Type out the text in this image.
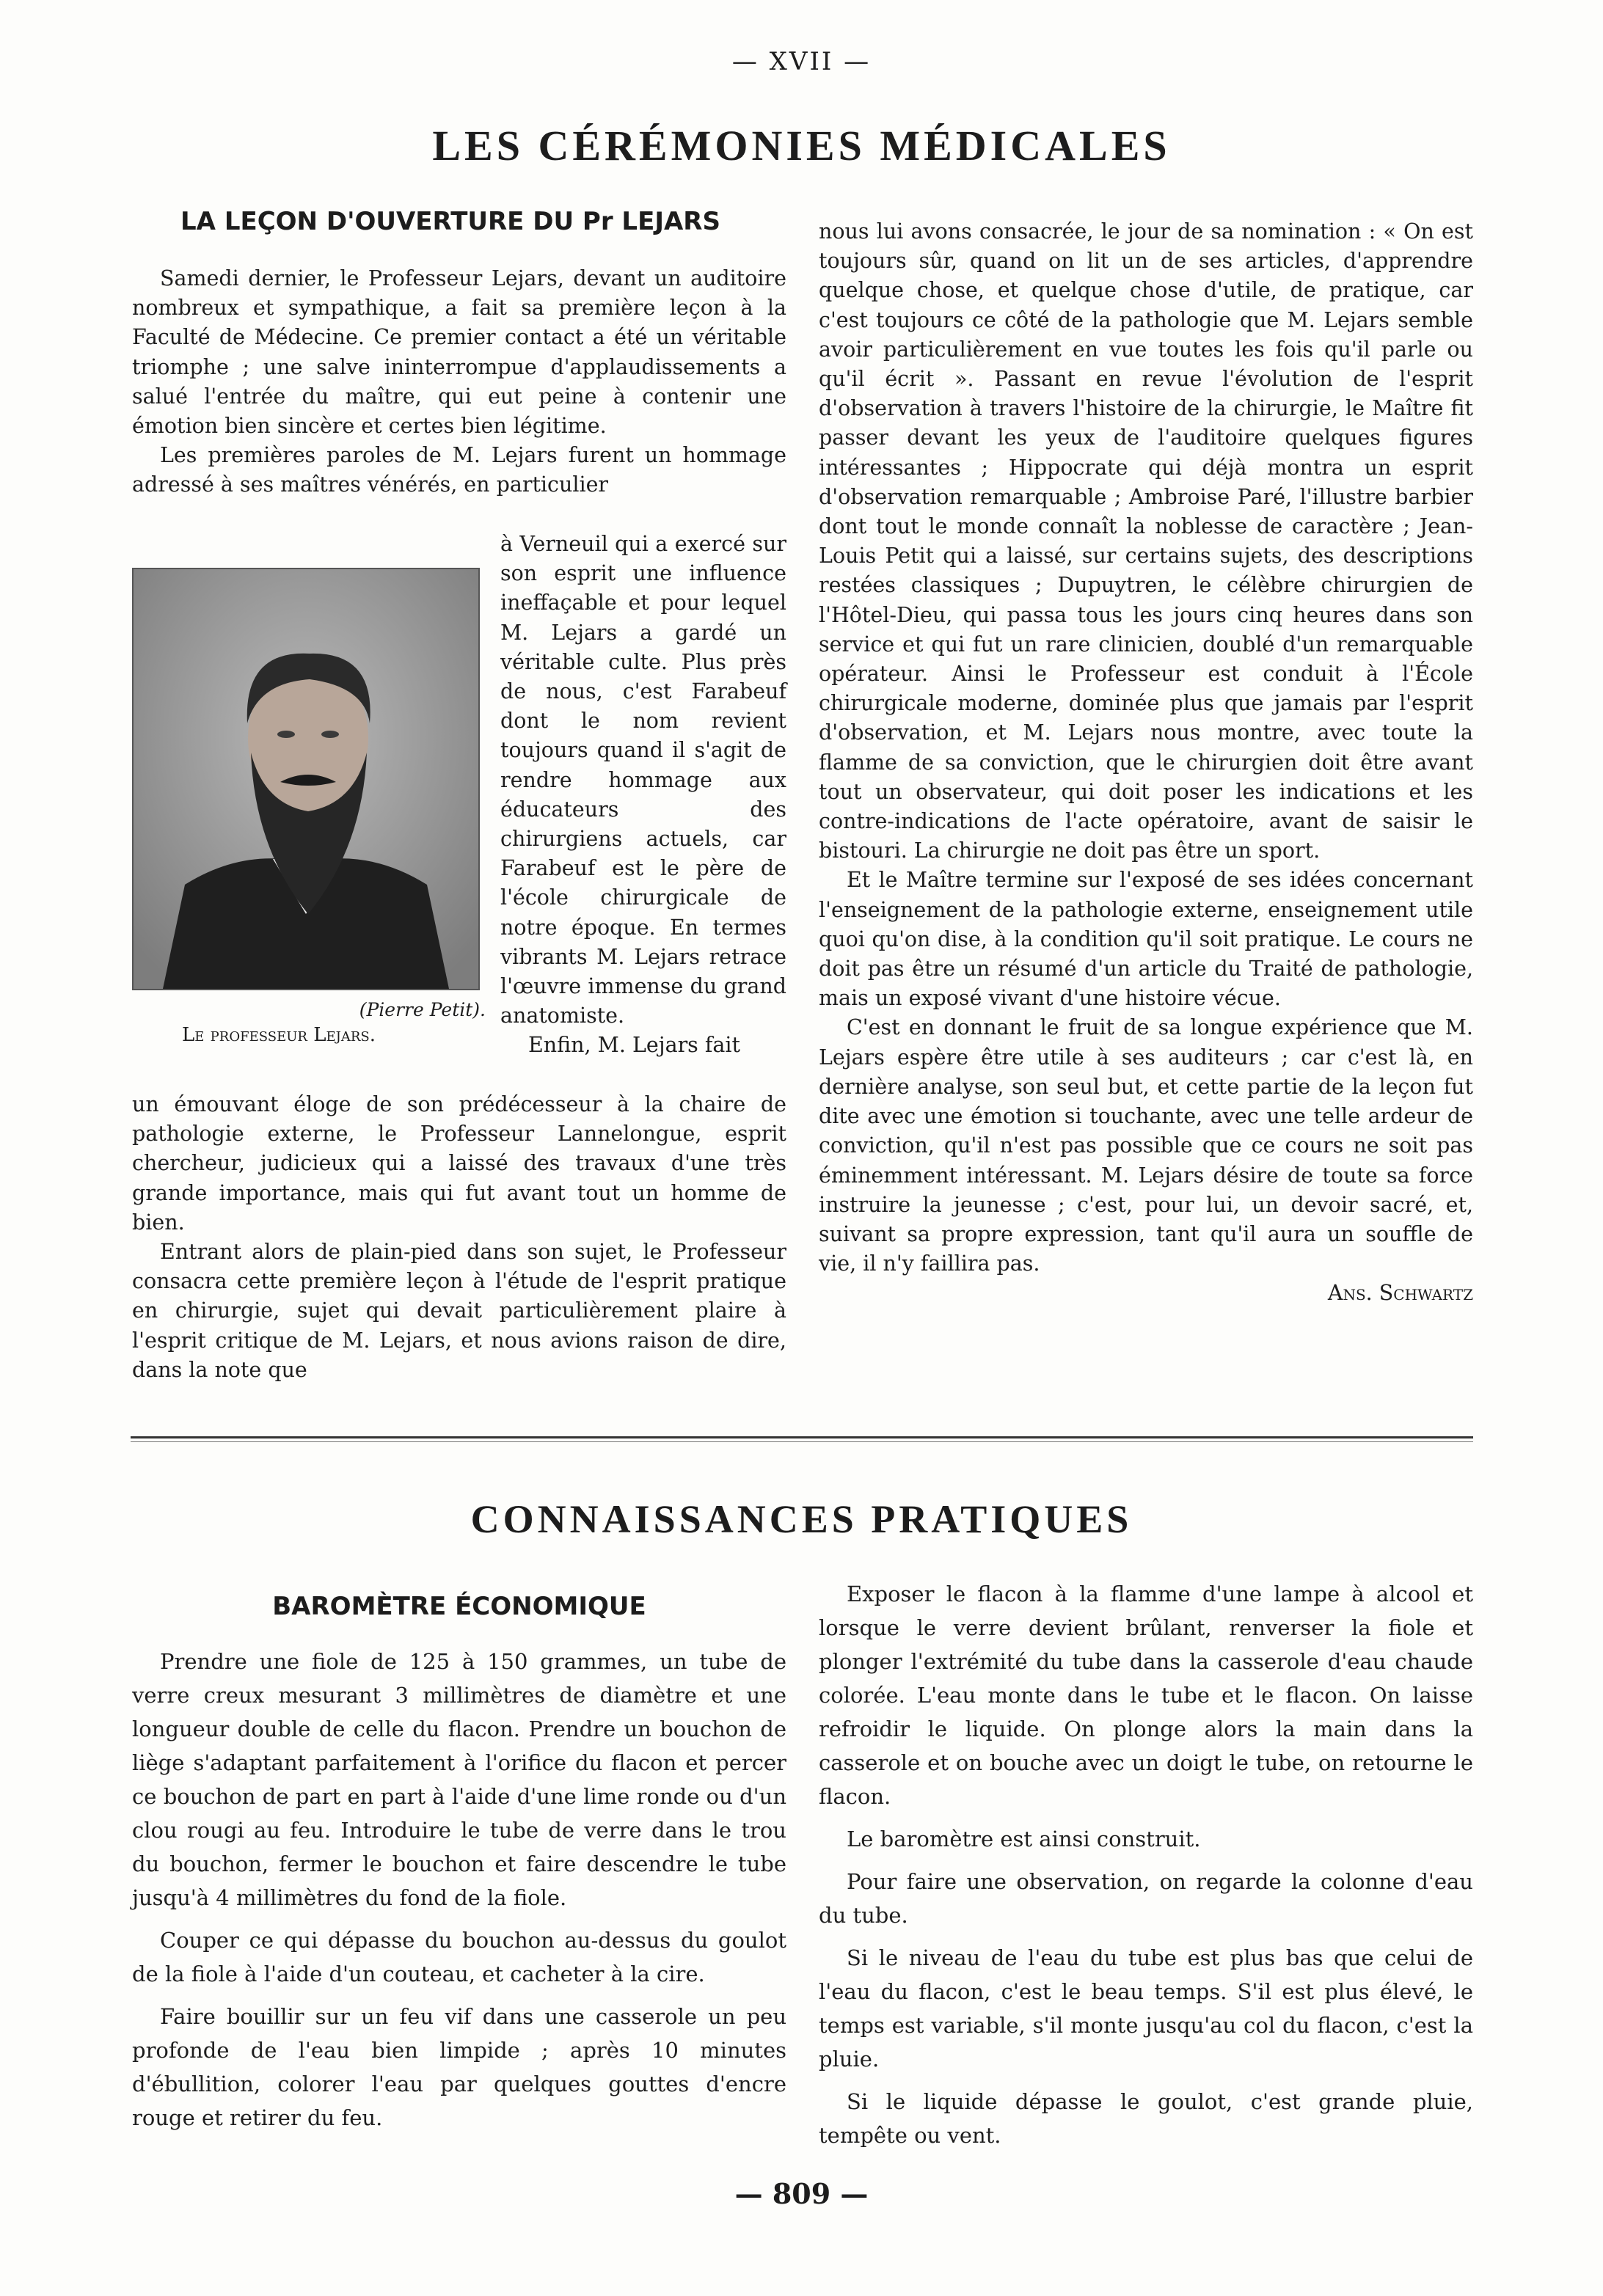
— XVII —
LES CÉRÉMONIES MÉDICALES
LA LEÇON D'OUVERTURE DU Pr LEJARS

Samedi dernier, le Professeur Lejars, devant un auditoire nombreux et sympathique, a fait sa première leçon à la Faculté de Médecine. Ce premier contact a été un véritable triomphe ; une salve ininterrompue d'applaudissements a salué l'entrée du maître, qui eut peine à contenir une émotion bien sincère et certes bien légitime.

Les premières paroles de M. Lejars furent un hommage adressé à ses maîtres vénérés, en particulier

à Verneuil qui a exercé sur son esprit une influence ineffaçable et pour lequel M. Lejars a gardé un véritable culte. Plus près de nous, c'est Farabeuf dont le nom revient toujours quand il s'agit de rendre hommage aux éducateurs des chirurgiens actuels, car Farabeuf est le père de l'école chirurgicale de notre époque. En termes vibrants M. Lejars retrace l'œuvre immense du grand anatomiste.

Enfin, M. Lejars fait

(Pierre Petit).
Le professeur Lejars.

un émouvant éloge de son prédécesseur à la chaire de pathologie externe, le Professeur Lannelongue, esprit chercheur, judicieux qui a laissé des travaux d'une très grande importance, mais qui fut avant tout un homme de bien.

Entrant alors de plain-pied dans son sujet, le Professeur consacra cette première leçon à l'étude de l'esprit pratique en chirurgie, sujet qui devait particulièrement plaire à l'esprit critique de M. Lejars, et nous avions raison de dire, dans la note que

nous lui avons consacrée, le jour de sa nomination : « On est toujours sûr, quand on lit un de ses articles, d'apprendre quelque chose, et quelque chose d'utile, de pratique, car c'est toujours ce côté de la pathologie que M. Lejars semble avoir particulièrement en vue toutes les fois qu'il parle ou qu'il écrit ». Passant en revue l'évolution de l'esprit d'observation à travers l'histoire de la chirurgie, le Maître fit passer devant les yeux de l'auditoire quelques figures intéressantes ; Hippocrate qui déjà montra un esprit d'observation remarquable ; Ambroise Paré, l'illustre barbier dont tout le monde connaît la noblesse de caractère ; Jean-Louis Petit qui a laissé, sur certains sujets, des descriptions restées classiques ; Dupuytren, le célèbre chirurgien de l'Hôtel-Dieu, qui passa tous les jours cinq heures dans son service et qui fut un rare clinicien, doublé d'un remarquable opérateur. Ainsi le Professeur est conduit à l'École chirurgicale moderne, dominée plus que jamais par l'esprit d'observation, et M. Lejars nous montre, avec toute la flamme de sa conviction, que le chirurgien doit être avant tout un observateur, qui doit poser les indications et les contre-indications de l'acte opératoire, avant de saisir le bistouri. La chirurgie ne doit pas être un sport.

Et le Maître termine sur l'exposé de ses idées concernant l'enseignement de la pathologie externe, enseignement utile quoi qu'on dise, à la condition qu'il soit pratique. Le cours ne doit pas être un résumé d'un article du Traité de pathologie, mais un exposé vivant d'une histoire vécue.

C'est en donnant le fruit de sa longue expérience que M. Lejars espère être utile à ses auditeurs ; car c'est là, en dernière analyse, son seul but, et cette partie de la leçon fut dite avec une émotion si touchante, avec une telle ardeur de conviction, qu'il n'est pas possible que ce cours ne soit pas éminemment intéressant. M. Lejars désire de toute sa force instruire la jeunesse ; c'est, pour lui, un devoir sacré, et, suivant sa propre expression, tant qu'il aura un souffle de vie, il n'y faillira pas.

Ans. Schwartz
CONNAISSANCES PRATIQUES
BAROMÈTRE ÉCONOMIQUE

Prendre une fiole de 125 à 150 grammes, un tube de verre creux mesurant 3 millimètres de diamètre et une longueur double de celle du flacon. Prendre un bouchon de liège s'adaptant parfaitement à l'orifice du flacon et percer ce bouchon de part en part à l'aide d'une lime ronde ou d'un clou rougi au feu. Introduire le tube de verre dans le trou du bouchon, fermer le bouchon et faire descendre le tube jusqu'à 4 millimètres du fond de la fiole.

Couper ce qui dépasse du bouchon au-dessus du goulot de la fiole à l'aide d'un couteau, et cacheter à la cire.

Faire bouillir sur un feu vif dans une casserole un peu profonde de l'eau bien limpide ; après 10 minutes d'ébullition, colorer l'eau par quelques gouttes d'encre rouge et retirer du feu.

Exposer le flacon à la flamme d'une lampe à alcool et lorsque le verre devient brûlant, renverser la fiole et plonger l'extrémité du tube dans la casserole d'eau chaude colorée. L'eau monte dans le tube et le flacon. On laisse refroidir le liquide. On plonge alors la main dans la casserole et on bouche avec un doigt le tube, on retourne le flacon.

Le baromètre est ainsi construit.

Pour faire une observation, on regarde la colonne d'eau du tube.

Si le niveau de l'eau du tube est plus bas que celui de l'eau du flacon, c'est le beau temps. S'il est plus élevé, le temps est variable, s'il monte jusqu'au col du flacon, c'est la pluie.

Si le liquide dépasse le goulot, c'est grande pluie, tempête ou vent.

— 809 —
